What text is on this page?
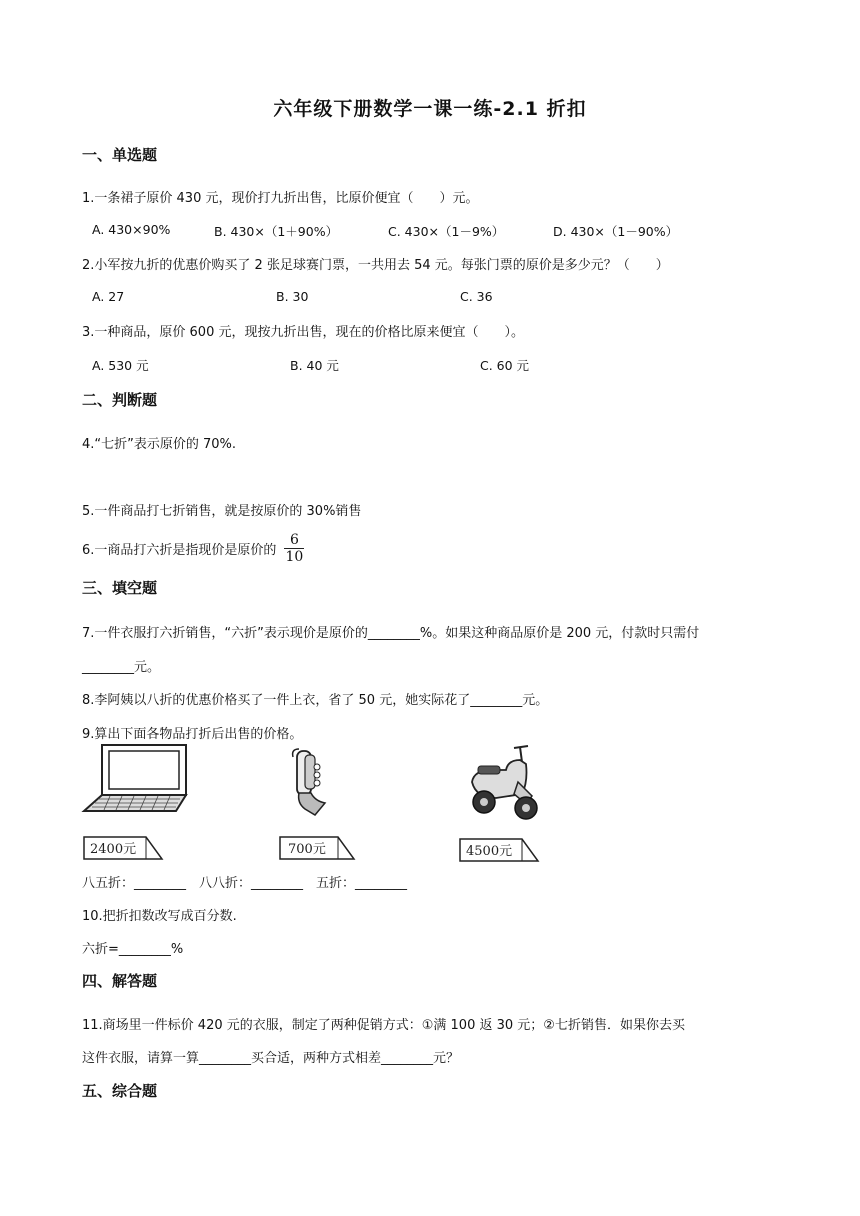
六年级下册数学一课一练-2.1 折扣
一、单选题
1.一条裙子原价 430 元，现价打九折出售，比原价便宜（　　）元。
A. 430×90%	B. 430×（1＋90%）	C. 430×（1－9%）	D. 430×（1－90%）
2.小军按九折的优惠价购买了 2 张足球赛门票，一共用去 54 元。每张门票的原价是多少元？（　　）
A. 27	B. 30	C. 36
3.一种商品，原价 600 元，现按九折出售，现在的价格比原来便宜（　　）。
A. 530 元	B. 40 元	C. 60 元
二、判断题
4.“七折”表示原价的 70%.
5.一件商品打七折销售，就是按原价的 30%销售
6.一商品打六折是指现价是原价的 $\frac{6}{10}$
三、填空题
7.一件衣服打六折销售，“六折”表示现价是原价的________%。如果这种商品原价是 200 元，付款时只需付
________元。
8.李阿姨以八折的优惠价格买了一件上衣，省了 50 元，她实际花了________元。
9.算出下面各物品打折后出售的价格。
2400元	700元	4500元
八五折：________　八八折：________　五折：________
10.把折扣数改写成百分数.
六折=________%
四、解答题
11.商场里一件标价 420 元的衣服，制定了两种促销方式：①满 100 返 30 元；②七折销售．如果你去买
这件衣服，请算一算________买合适，两种方式相差________元？
五、综合题
